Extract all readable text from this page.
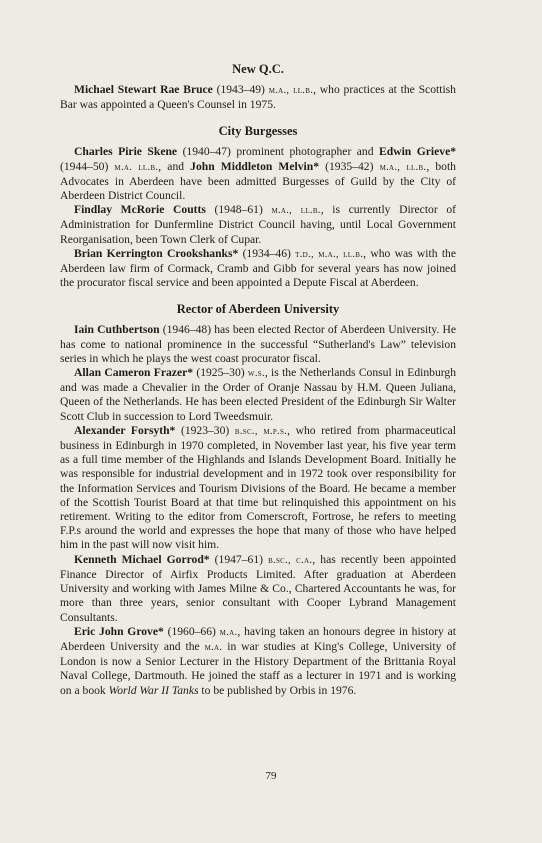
New Q.C.

Michael Stewart Rae Bruce (1943–49) m.a., ll.b., who practices at the Scottish Bar was appointed a Queen's Counsel in 1975.

City Burgesses

Charles Pirie Skene (1940–47) prominent photographer and Edwin Grieve* (1944–50) m.a. ll.b., and John Middleton Melvin* (1935–42) m.a., ll.b., both Advocates in Aberdeen have been admitted Burgesses of Guild by the City of Aberdeen District Council.

Findlay McRorie Coutts (1948–61) m.a., ll.b., is currently Director of Administration for Dunfermline District Council having, until Local Government Reorganisation, been Town Clerk of Cupar.

Brian Kerrington Crookshanks* (1934–46) t.d., m.a., ll.b., who was with the Aberdeen law firm of Cormack, Cramb and Gibb for several years has now joined the procurator fiscal service and been appointed a Depute Fiscal at Aberdeen.

Rector of Aberdeen University

Iain Cuthbertson (1946–48) has been elected Rector of Aberdeen University. He has come to national prominence in the successful “Sutherland's Law” television series in which he plays the west coast procurator fiscal.

Allan Cameron Frazer* (1925–30) w.s., is the Netherlands Consul in Edinburgh and was made a Chevalier in the Order of Oranje Nassau by H.M. Queen Juliana, Queen of the Netherlands. He has been elected President of the Edinburgh Sir Walter Scott Club in succession to Lord Tweedsmuir.

Alexander Forsyth* (1923–30) b.sc., m.p.s., who retired from pharmaceutical business in Edinburgh in 1970 completed, in November last year, his five year term as a full time member of the Highlands and Islands Development Board. Initially he was responsible for industrial development and in 1972 took over responsibility for the Information Services and Tourism Divisions of the Board. He became a member of the Scottish Tourist Board at that time but relinquished this appointment on his retirement. Writing to the editor from Comerscroft, Fortrose, he refers to meeting F.P.s around the world and expresses the hope that many of those who have helped him in the past will now visit him.

Kenneth Michael Gorrod* (1947–61) b.sc., c.a., has recently been appointed Finance Director of Airfix Products Limited. After graduation at Aberdeen University and working with James Milne & Co., Chartered Accountants he was, for more than three years, senior consultant with Cooper Lybrand Management Consultants.

Eric John Grove* (1960–66) m.a., having taken an honours degree in history at Aberdeen University and the m.a. in war studies at King's College, University of London is now a Senior Lecturer in the History Department of the Brittania Royal Naval College, Dartmouth. He joined the staff as a lecturer in 1971 and is working on a book World War II Tanks to be published by Orbis in 1976.

79
